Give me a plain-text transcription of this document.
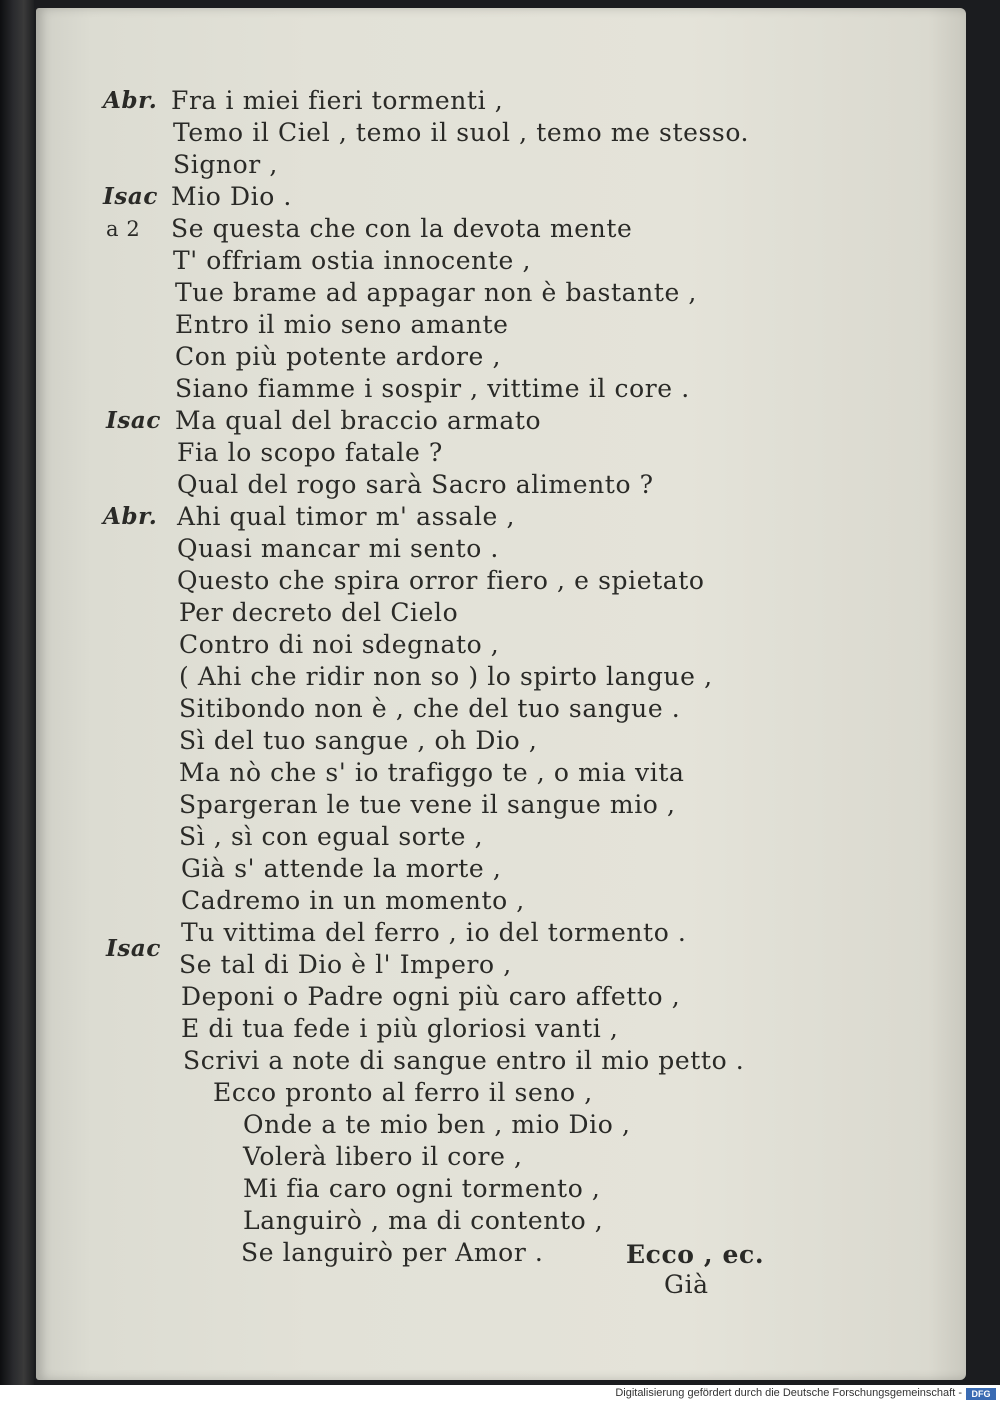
Abr.
Isac
a 2
Isac
Abr.
Isac
Fra i miei fieri tormenti ,
Temo il Ciel , temo il suol , temo me stesso.
Signor ,
Mio Dio .
Se questa che con la devota mente
T' offriam ostia innocente ,
Tue brame ad appagar non è bastante ,
Entro il mio seno amante
Con più potente ardore ,
Siano fiamme i sospir , vittime il core .
Ma qual del braccio armato
Fia lo scopo fatale ?
Qual del rogo sarà Sacro alimento ?
Ahi qual timor m' assale ,
Quasi mancar mi sento .
Questo che spira orror fiero , e spietato
Per decreto del Cielo
Contro di noi sdegnato ,
( Ahi che ridir non so ) lo spirto langue ,
Sitibondo non è , che del tuo sangue .
Sì del tuo sangue , oh Dio ,
Ma nò che s' io trafiggo te , o mia vita
Spargeran le tue vene il sangue mio ,
Sì , sì con egual sorte ,
Già s' attende la morte ,
Cadremo in un momento ,
Tu vittima del ferro , io del tormento .
Se tal di Dio è l' Impero ,
Deponi o Padre ogni più caro affetto ,
E di tua fede i più gloriosi vanti ,
Scrivi a note di sangue entro il mio petto .
Ecco pronto al ferro il seno ,
Onde a te mio ben , mio Dio ,
Volerà libero il core ,
Mi fia caro ogni tormento ,
Languirò , ma di contento ,
Se languirò per Amor .	Ecco , ec.
Già
Digitalisierung gefördert durch die Deutsche Forschungsgemeinschaft -	DFG
